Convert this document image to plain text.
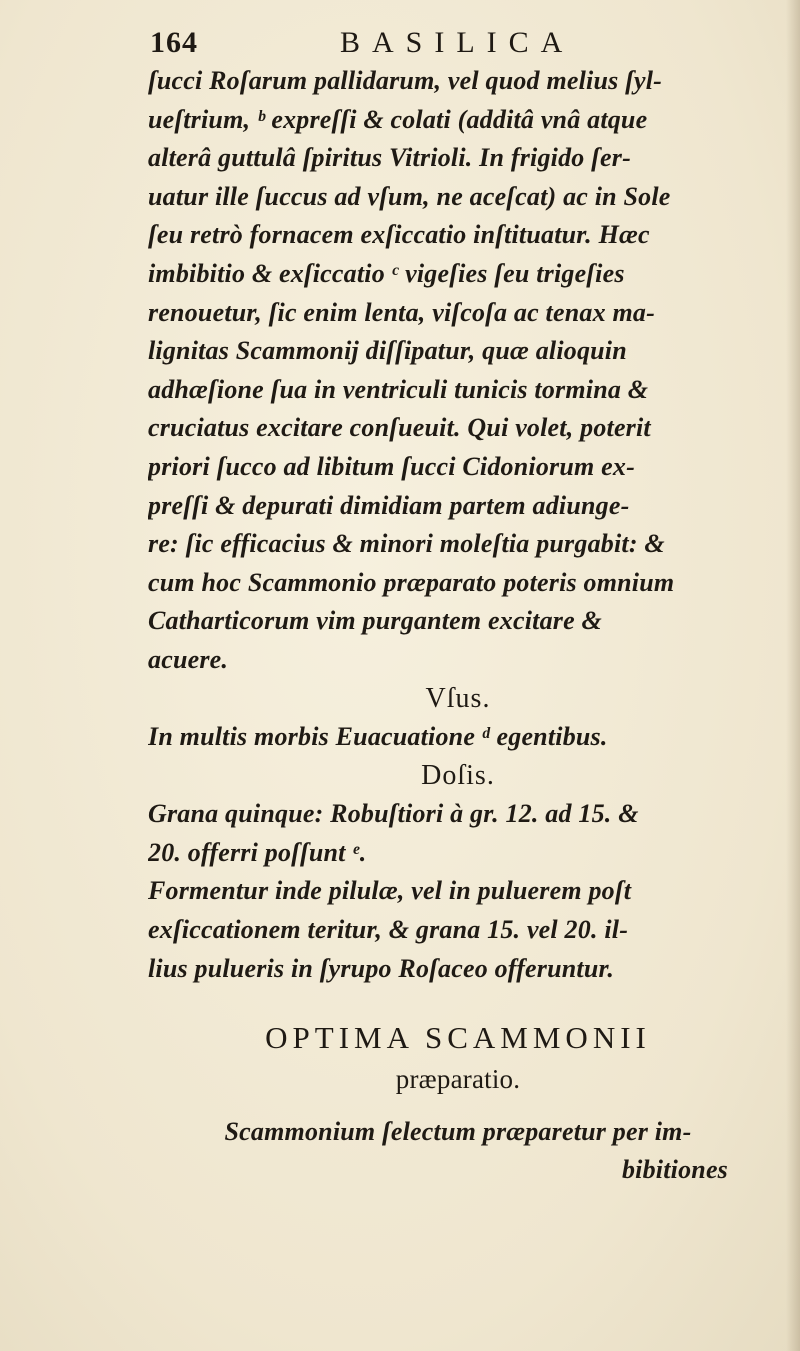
164	BASILICA
ſucci Roſarum pallidarum, vel quod melius ſyl-
ueſtrium, ᵇ expreſſi & colati (additâ vnâ atque
alterâ guttulâ ſpiritus Vitrioli. In frigido ſer-
uatur ille ſuccus ad vſum, ne aceſcat) ac in Sole
ſeu retrò fornacem exſiccatio inſtituatur. Hæc
imbibitio & exſiccatio ᶜ vigeſies ſeu trigeſies
renouetur, ſic enim lenta, viſcoſa ac tenax ma-
lignitas Scammonij diſſipatur, quæ alioquin
adhæſione ſua in ventriculi tunicis tormina &
cruciatus excitare conſueuit. Qui volet, poterit
priori ſucco ad libitum ſucci Cidoniorum ex-
preſſi & depurati dimidiam partem adiunge-
re: ſic efficacius & minori moleſtia purgabit: &
cum hoc Scammonio præparato poteris omnium
Catharticorum vim purgantem excitare &
acuere.
Vſus.
In multis morbis Euacuatione ᵈ egentibus.
Doſis.
Grana quinque: Robuſtiori à gr. 12. ad 15. &
20. offerri poſſunt ᵉ.
Formentur inde pilulæ, vel in puluerem poſt
exſiccationem teritur, & grana 15. vel 20. il-
lius pulueris in ſyrupo Roſaceo offeruntur.
OPTIMA SCAMMONII
præparatio.
Scammonium ſelectum præparetur per im-
bibitiones
